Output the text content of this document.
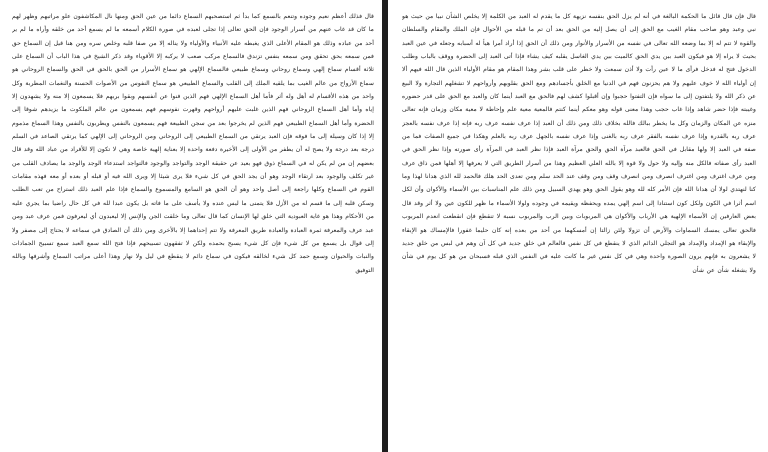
قال فذلك أعظم نعيم وجوده وتنعم بالسمع كما بدأ ثم استصحبهم السماع دائما من عين الحق ومنها نال المكاشفون علو مراتبهم وظهر لهم ما كان قد غاب عنهم من أسرار الوجود فإن الحق تعالى إذا تجلى لعبده في صورة الكلام أسمعه ما لم يسمع أحد من خلقه وأراه ما لم ير أحد من عباده وذلك هو المقام الأعلى الذي يغبطه عليه الأنبياء والأولياء ولا يناله إلا من صفا قلبه وخلص سره ومن هنا قيل إن السماع حق فمن سمعه بحق تحقق ومن سمعه بنفس تزندق فالسماع مركب صعب لا يركبه إلا الأقوياء وقد ذكر الشيخ في هذا الباب أن السماع على ثلاثة أقسام سماع إلهي وسماع روحاني وسماع طبيعي فالسماع الإلهي هو سماع الأسرار من الحق بالحق في الحق والسماع الروحاني هو سماع الأرواح من عالم الغيب بما يلقيه الملك إلى القلب والسماع الطبيعي هو سماع النفوس من الأصوات الحسنة والنغمات المطربة وكل واحد من هذه الأقسام له أهل وله أثر فأما أهل السماع الإلهي فهم الذين فنوا عن أنفسهم وبقوا بربهم فلا يسمعون إلا منه ولا يشهدون إلا إياه وأما أهل السماع الروحاني فهم الذين غلبت عليهم أرواحهم وقهرت نفوسهم فهم يسمعون من عالم الملكوت ما يزيدهم شوقا إلى الحضرة وأما أهل السماع الطبيعي فهم الذين لم يخرجوا بعد من سجن الطبيعة فهم يسمعون بالنفس ويطربون بالنفس وهذا السماع مذموم إلا إذا كان وسيلة إلى ما فوقه فإن العبد يرتقي من السماع الطبيعي إلى الروحاني ومن الروحاني إلى الإلهي كما يرتقي الصاعد في السلم درجة بعد درجة ولا يصح له أن يطفر من الأولى إلى الأخيرة دفعة واحدة إلا بعناية إلهية خاصة وهي لا تكون إلا للأفراد من عباد الله وقد قال بعضهم إن من لم يكن له في السماع ذوق فهو بعيد عن حقيقة الوجد والتواجد والوجود فالتواجد استدعاء الوجد والوجد ما يصادف القلب من غير تكلف والوجود بعد ارتقاء الوجد وهو أن يجد الحق في كل شيء فلا يرى شيئا إلا ويرى الله فيه أو قبله أو بعده أو معه فهذه مقامات القوم في السماع وكلها راجعة إلى أصل واحد وهو أن الحق هو السامع والمسموع والسماع فإذا علم العبد ذلك استراح من تعب الطلب وسكن قلبه إلى ما قسم له من الأزل فلا يتمنى ما ليس عنده ولا يأسف على ما فاته بل يكون عبدا لله في كل حال راضيا بما يجري عليه من الأحكام وهذا هو غاية العبودية التي خلق لها الإنسان كما قال تعالى وما خلقت الجن والإنس إلا ليعبدون أي ليعرفون فمن عرف عبد ومن عبد عرف والمعرفة ثمرة العبادة والعبادة طريق المعرفة ولا تتم إحداهما إلا بالأخرى ومن ذلك أن الصادق في سماعه لا يحتاج إلى مصفر ولا إلى قوال بل يسمع من كل شيء فإن كل شيء يسبح بحمده ولكن لا تفقهون تسبيحهم فإذا فتح الله سمع العبد سمع تسبيح الجمادات والنبات والحيوان وسمع حمد كل شيء لخالقه فيكون في سماع دائم لا ينقطع في ليل ولا نهار وهذا أعلى مراتب السماع وأشرفها وبالله التوفيق

قال فإن قال قائل ما الحكمة البالغة في أنه لم يزل الحق بنفسه نزيهة كل ما يقدم له العبد من الكلمة إلا يخلص الشأن نبيا من حيث هو نبي وعبد وهو صاحب مقام الغيب مع الحق إلى أن يصل إليه من الحق بعد أن تم ما قبله من الأحوال فإن الملك والمقام والسلطان والقوة لا تتم له إلا بما وضعه الله تعالى في نفسه من الأسرار والأنوار ومن ذلك أن الحق إذا أراد أمرا هيأ له أسبابه وجعله في عين العبد بحيث لا يراه إلا هو فيكون العبد بين يدي الحق كالميت بين يدي الغاسل يقلبه كيف يشاء فإذا أتى العبد إلى الحضرة ووقف بالباب وطلب الدخول فتح له فدخل فرأى ما لا عين رأت ولا أذن سمعت ولا خطر على قلب بشر وهذا المقام هو مقام الأولياء الذين قال الله فيهم ألا إن أولياء الله لا خوف عليهم ولا هم يحزنون فهم في الدنيا مع الخلق بأجسادهم ومع الحق بقلوبهم وأرواحهم لا تشغلهم التجارة ولا البيع عن ذكر الله ولا يلتفتون إلى ما سواه فإن التفتوا حجبوا وإن أقبلوا كشف لهم فالحق مع العبد أينما كان والعبد مع الحق على قدر حضوره وغيبته فإذا حضر شاهد وإذا غاب حجب وهذا معنى قوله وهو معكم أينما كنتم فالمعية معية علم وإحاطة لا معية مكان وزمان فإنه تعالى منزه عن المكان والزمان وكل ما يخطر ببالك فالله بخلاف ذلك ومن ذلك أن العبد إذا عرف نفسه عرف ربه فإنه إذا عرف نفسه بالعجز عرف ربه بالقدرة وإذا عرف نفسه بالفقر عرف ربه بالغنى وإذا عرف نفسه بالجهل عرف ربه بالعلم وهكذا في جميع الصفات فما من صفة في العبد إلا ولها مقابل في الحق فالعبد مرآة الحق والحق مرآة العبد فإذا نظر العبد في المرآة رأى صورته وإذا نظر الحق في العبد رأى صفاته فالكل منه وإليه ولا حول ولا قوة إلا بالله العلي العظيم وهذا من أسرار الطريق التي لا يعرفها إلا أهلها فمن ذاق عرف ومن عرف اغترف ومن اغترف انصرف ومن انصرف وقف ومن وقف عند الحد سلم ومن تعدى الحد هلك فالحمد لله الذي هدانا لهذا وما كنا لنهتدي لولا أن هدانا الله فإن الأمر كله لله وهو يقول الحق وهو يهدي السبيل ومن ذلك علم المناسبات بين الأسماء والأكوان وأن لكل اسم أثرا في الكون ولكل كون استنادا إلى اسم إلهي يمده ويحفظه ويقيمه في وجوده ولولا الأسماء ما ظهر للكون عين ولا أثر وقد قال بعض العارفين إن الأسماء الإلهية هي الأرباب والأكوان هي المربوبات وبين الرب والمربوب نسبة لا تنقطع فإن انقطعت انعدم المربوب فالحق تعالى يمسك السماوات والأرض أن تزولا ولئن زالتا إن أمسكهما من أحد من بعده إنه كان حليما غفورا فالإمساك هو الإبقاء والإبقاء هو الإمداد والإمداد هو التجلي الدائم الذي لا ينقطع في كل نفس فالعالم في خلق جديد في كل آن وهم في لبس من خلق جديد لا يشعرون به فإنهم يرون الصورة واحدة وهي في كل نفس غير ما كانت عليه في النفس الذي قبله فسبحان من هو كل يوم في شأن ولا يشغله شأن عن شأن
